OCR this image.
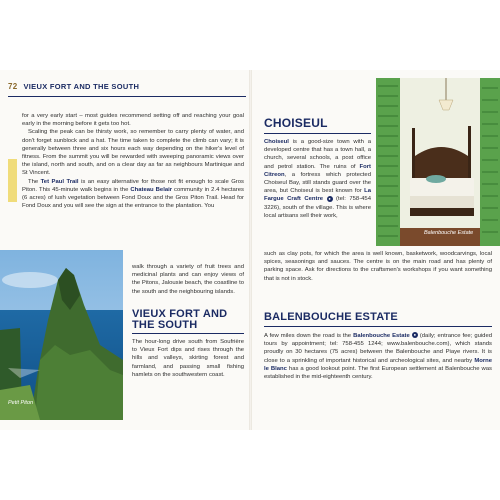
72 VIEUX FORT AND THE SOUTH

for a very early start – most guides recommend setting off and reaching your goal early in the morning before it gets too hot.

Scaling the peak can be thirsty work, so remember to carry plenty of water, and don't forget sunblock and a hat. The time taken to complete the climb can vary; it is generally between three and six hours each way depending on the hiker's level of fitness. From the summit you will be rewarded with sweeping panoramic views over the island, north and south, and on a clear day as far as neighbours Martinique and St Vincent.

The Tet Paul Trail is an easy alternative for those not fit enough to scale Gros Piton. This 45-minute walk begins in the Chateau Belair community in 2.4 hectares (6 acres) of lush vegetation between Fond Doux and the Gros Piton Trail. Head for Fond Doux and you will see the sign at the entrance to the plantation. You

walk through a variety of fruit trees and medicinal plants and can enjoy views of the Pitons, Jalousie beach, the coastline to the south and the neighbouring islands.

Petit Piton
VIEUX FORT AND THE SOUTH

The hour-long drive south from Soufrière to Vieux Fort dips and rises through the hills and valleys, skirting forest and farmland, and passing small fishing hamlets on the southwestern coast.

CHOISEUL

Choiseul is a good-size town with a developed centre that has a town hall, a church, several schools, a post office and petrol station. The ruins of Fort Citreon, a fortress which protected Choiseul Bay, still stands guard over the area, but Choiseul is best known for La Fargue Craft Centre ● (tel: 758-454 3226), south of the village. This is where local artisans sell their work,

such as clay pots, for which the area is well known, basketwork, woodcarvings, local spices, seasonings and sauces. The centre is on the main road and has plenty of parking space. Ask for directions to the craftsmen's workshops if you want something that is not in stock.

Balenbouche Estate
BALENBOUCHE ESTATE

A few miles down the road is the Balenbouche Estate ● (daily; entrance fee; guided tours by appointment; tel: 758-455 1244; www.balenbouche.com), which stands proudly on 30 hectares (75 acres) between the Balenbouche and Piaye rivers. It is close to a sprinkling of important historical and archeological sites, and nearby Morne le Blanc has a good lookout point. The first European settlement at Balenbouche was established in the mid-eighteenth century.
